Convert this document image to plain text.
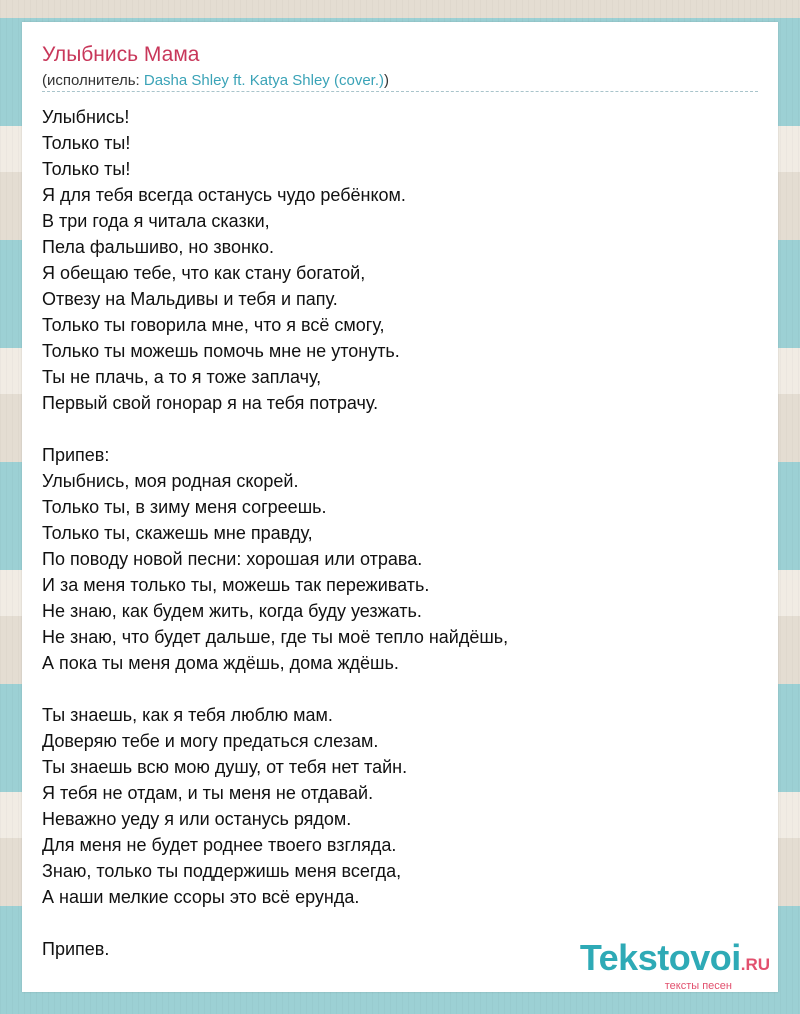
Улыбнись Мама
(исполнитель: Dasha Shley ft. Katya Shley (cover.))
Улыбнись!
Только ты!
Только ты!
Я для тебя всегда останусь чудо ребёнком.
В три года я читала сказки,
Пела фальшиво, но звонко.
Я обещаю тебе, что как стану богатой,
Отвезу на Мальдивы и тебя и папу.
Только ты говорила мне, что я всё смогу,
Только ты можешь помочь мне не утонуть.
Ты не плачь, а то я тоже заплачу,
Первый свой гонорар я на тебя потрачу.
Припев:
Улыбнись, моя родная скорей.
Только ты, в зиму меня согреешь.
Только ты, скажешь мне правду,
По поводу новой песни: хорошая или отрава.
И за меня только ты, можешь так переживать.
Не знаю, как будем жить, когда буду уезжать.
Не знаю, что будет дальше, где ты моё тепло найдёшь,
А пока ты меня дома ждёшь, дома ждёшь.
Ты знаешь, как я тебя люблю мам.
Доверяю тебе и могу предаться слезам.
Ты знаешь всю мою душу, от тебя нет тайн.
Я тебя не отдам, и ты меня не отдавай.
Неважно уеду я или останусь рядом.
Для меня не будет роднее твоего взгляда.
Знаю, только ты поддержишь меня всегда,
А наши мелкие ссоры это всё ерунда.
Припев.	Tekstovoi.RU
тексты песен
